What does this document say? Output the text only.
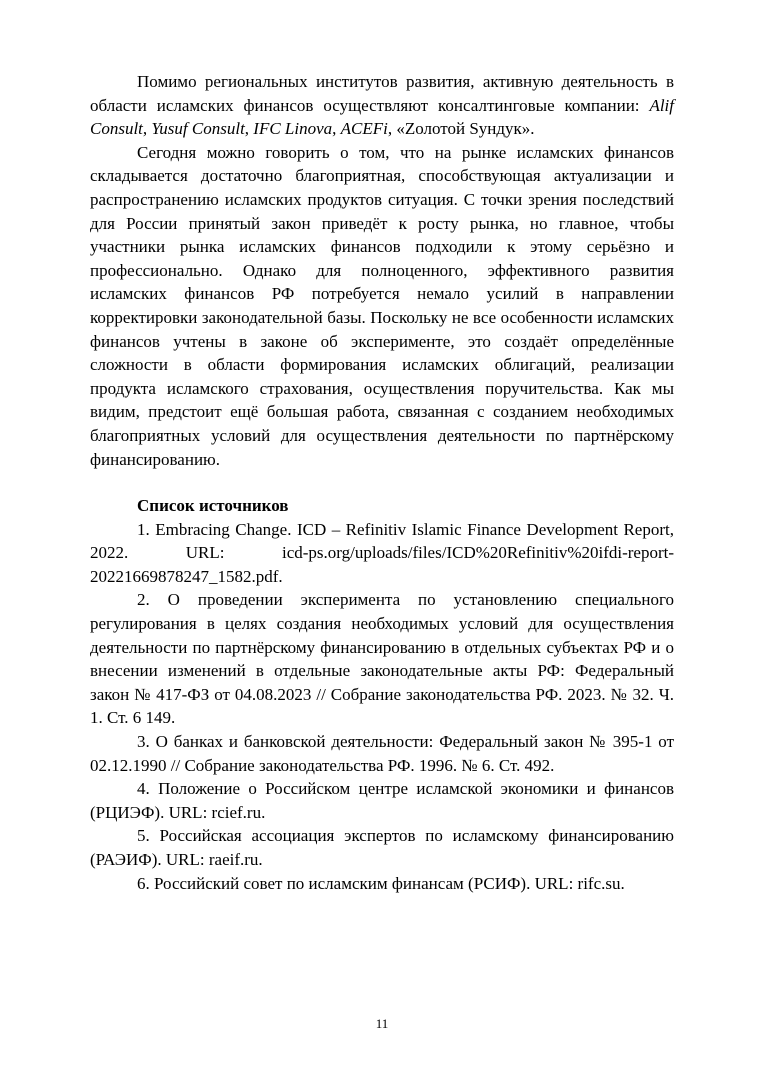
Помимо региональных институтов развития, активную деятельность в области исламских финансов осуществляют консалтинговые компании: Alif Consult, Yusuf Consult, IFC Linova, ACEFi, «Zолотой Sундук».

Сегодня можно говорить о том, что на рынке исламских финансов складывается достаточно благоприятная, способствующая актуализации и распространению исламских продуктов ситуация. С точки зрения последствий для России принятый закон приведёт к росту рынка, но главное, чтобы участники рынка исламских финансов подходили к этому серьёзно и профессионально. Однако для полноценного, эффективного развития исламских финансов РФ потребуется немало усилий в направлении корректировки законодательной базы. Поскольку не все особенности исламских финансов учтены в законе об эксперименте, это создаёт определённые сложности в области формирования исламских облигаций, реализации продукта исламского страхования, осуществления поручительства. Как мы видим, предстоит ещё большая работа, связанная с созданием необходимых благоприятных условий для осуществления деятельности по партнёрскому финансированию.

Список источников

1. Embracing Change. ICD – Refinitiv Islamic Finance Development Report, 2022. URL: icd-ps.org/uploads/files/ICD%20Refinitiv%20ifdi-report-20221669878247_1582.pdf.

2. О проведении эксперимента по установлению специального регулирования в целях создания необходимых условий для осуществления деятельности по партнёрскому финансированию в отдельных субъектах РФ и о внесении изменений в отдельные законодательные акты РФ: Федеральный закон № 417-ФЗ от 04.08.2023 // Собрание законодательства РФ. 2023. № 32. Ч. 1. Ст. 6 149.

3. О банках и банковской деятельности: Федеральный закон № 395-1 от 02.12.1990 // Собрание законодательства РФ. 1996. № 6. Ст. 492.

4. Положение о Российском центре исламской экономики и финансов (РЦИЭФ). URL: rcief.ru.

5. Российская ассоциация экспертов по исламскому финансированию (РАЭИФ). URL: raeif.ru.

6. Российский совет по исламским финансам (РСИФ). URL: rifc.su.

11
